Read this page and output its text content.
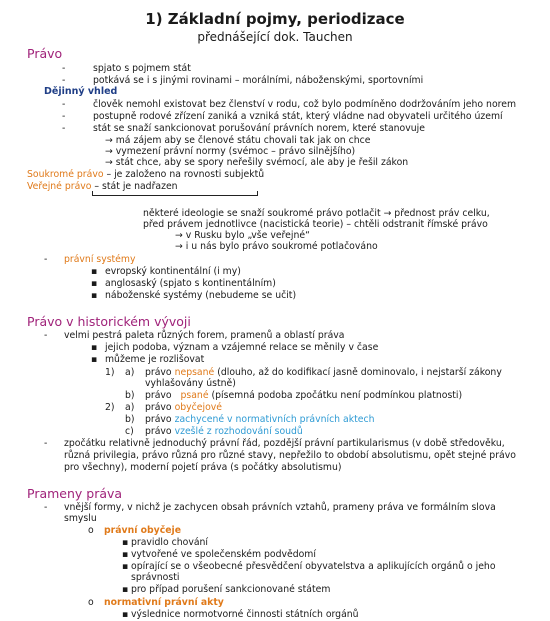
1) Základní pojmy, periodizace
přednášející dok. Tauchen
Právo
-	spjato s pojmem stát
-	potkává se i s jinými rovinami – morálními, náboženskými, sportovními
Dějinný vhled
-	člověk nemohl existovat bez členství v rodu, což bylo podmíněno dodržováním jeho norem
-	postupně rodové zřízení zaniká a vzniká stát, který vládne nad obyvateli určitého území
-	stát se snaží sankcionovat porušování právních norem, které stanovuje
→ má zájem aby se členové státu chovali tak jak on chce
→ vymezení právní normy (svémoc – právo silnějšího)
→ stát chce, aby se spory neřešily svémocí, ale aby je řešil zákon
Soukromé právo – je založeno na rovnosti subjektů
Veřejné právo – stát je nadřazen
některé ideologie se snaží soukromé právo potlačit → přednost práv celku,
před právem jednotlivce (nacistická teorie) – chtěli odstranit římské právo
→ v Rusku bylo „vše veřejné“
→ i u nás bylo právo soukromé potlačováno
- právní systémy
▪ evropský kontinentální (i my)
▪ anglosaský (spjato s kontinentálním)
▪ náboženské systémy (nebudeme se učit)
Právo v historickém vývoji
- velmi pestrá paleta různých forem, pramenů a oblastí práva
▪ jejich podoba, význam a vzájemné relace se měnily v čase
▪ můžeme je rozlišovat
1) a) právo nepsané (dlouho, až do kodifikací jasně dominovalo, i nejstarší zákony
vyhlašovány ústně)
b) právo   psané (písemná podoba zpočátku není podmínkou platnosti)
2) a) právo obyčejové
b) právo zachycené v normativních právních aktech
c) právo vzešlé z rozhodování soudů
- zpočátku relativně jednoduchý právní řád, pozdější právní partikularismus (v době středověku,
různá privilegia, právo různá pro různé stavy, nepřežilo to období absolutismu, opět stejné právo
pro všechny), moderní pojetí práva (s počátky absolutismu)
Prameny práva
- vnější formy, v nichž je zachycen obsah právních vztahů, prameny práva ve formálním slova
smyslu
o právní obyčeje
▪ pravidlo chování
▪ vytvořené ve společenském podvědomí
▪ opírající se o všeobecné přesvědčení obyvatelstva a aplikujících orgánů o jeho
správnosti
▪ pro případ porušení sankcionované státem
o normativní právní akty
▪ výslednice normotvorné činnosti státních orgánů
